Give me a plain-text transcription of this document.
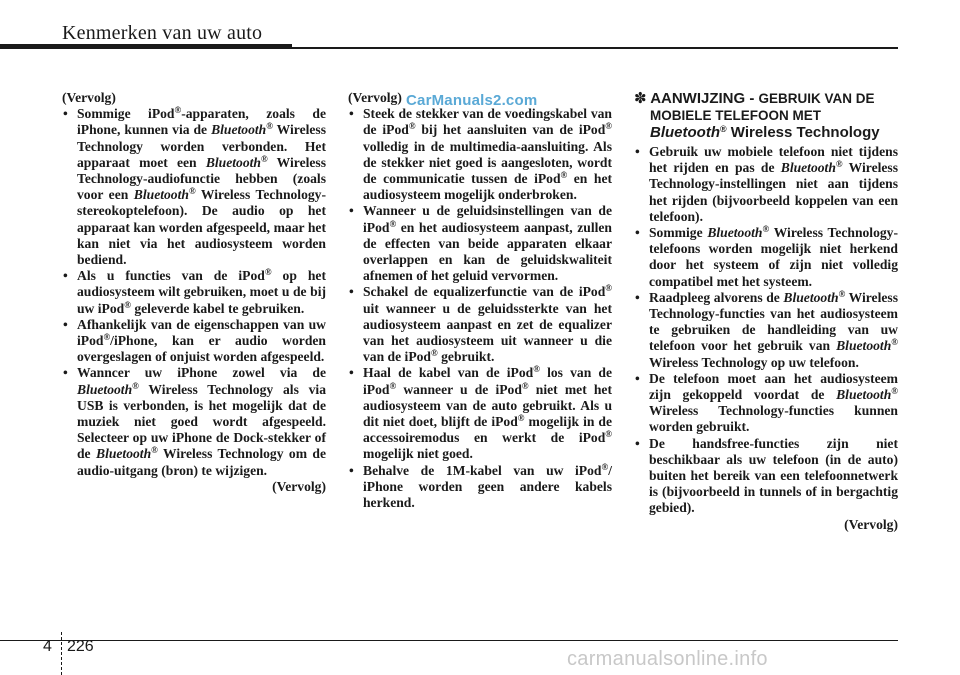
Kenmerken van uw auto
(Vervolg)
• Sommige iPod®-apparaten, zoals de iPhone, kunnen via de Bluetooth® Wireless Technology worden verbonden. Het apparaat moet een Bluetooth® Wireless Technology-audiofunctie hebben (zoals voor een Bluetooth® Wireless Technology-stereokoptelefoon). De audio op het apparaat kan worden afgespeeld, maar het kan niet via het audiosysteem worden bediend.
• Als u functies van de iPod® op het audiosysteem wilt gebruiken, moet u de bij uw iPod® geleverde kabel te gebruiken.
• Afhankelijk van de eigenschappen van uw iPod®/iPhone, kan er audio worden overgeslagen of onjuist worden afgespeeld.
• Wanncer uw iPhone zowel via de Bluetooth® Wireless Technology als via USB is verbonden, is het mogelijk dat de muziek niet goed wordt afgespeeld. Selecteer op uw iPhone de Dock-stekker of de Bluetooth® Wireless Technology om de audio-uitgang (bron) te wijzigen.
(Vervolg)
(Vervolg)
• Steek de stekker van de voedingskabel van de iPod® bij het aansluiten van de iPod® volledig in de multimedia-aansluiting. Als de stekker niet goed is aangesloten, wordt de communicatie tussen de iPod® en het audiosysteem mogelijk onderbroken.
• Wanneer u de geluidsinstellingen van de iPod® en het audiosysteem aanpast, zullen de effecten van beide apparaten elkaar overlappen en kan de geluidskwaliteit afnemen of het geluid vervormen.
• Schakel de equalizerfunctie van de iPod® uit wanneer u de geluidssterkte van het audiosysteem aanpast en zet de equalizer van het audiosysteem uit wanneer u die van de iPod® gebruikt.
• Haal de kabel van de iPod® los van de iPod® wanneer u de iPod® niet met het audiosysteem van de auto gebruikt. Als u dit niet doet, blijft de iPod® mogelijk in de accessoiremodus en werkt de iPod® mogelijk niet goed.
• Behalve de 1M-kabel van uw iPod®/ iPhone worden geen andere kabels herkend.
✽ AANWIJZING - GEBRUIK VAN DE MOBIELE TELEFOON MET Bluetooth® Wireless Technology
• Gebruik uw mobiele telefoon niet tijdens het rijden en pas de Bluetooth® Wireless Technology-instellingen niet aan tijdens het rijden (bijvoorbeeld koppelen van een telefoon).
• Sommige Bluetooth® Wireless Technology-telefoons worden mogelijk niet herkend door het systeem of zijn niet volledig compatibel met het systeem.
• Raadpleeg alvorens de Bluetooth® Wireless Technology-functies van het audiosysteem te gebruiken de handleiding van uw telefoon voor het gebruik van Bluetooth® Wireless Technology op uw telefoon.
• De telefoon moet aan het audiosysteem zijn gekoppeld voordat de Bluetooth® Wireless Technology-functies kunnen worden gebruikt.
• De handsfree-functies zijn niet beschikbaar als uw telefoon (in de auto) buiten het bereik van een telefoonnetwerk is (bijvoorbeeld in tunnels of in bergachtig gebied).
(Vervolg)
CarManuals2.com
carmanualsonline.info
4 226
